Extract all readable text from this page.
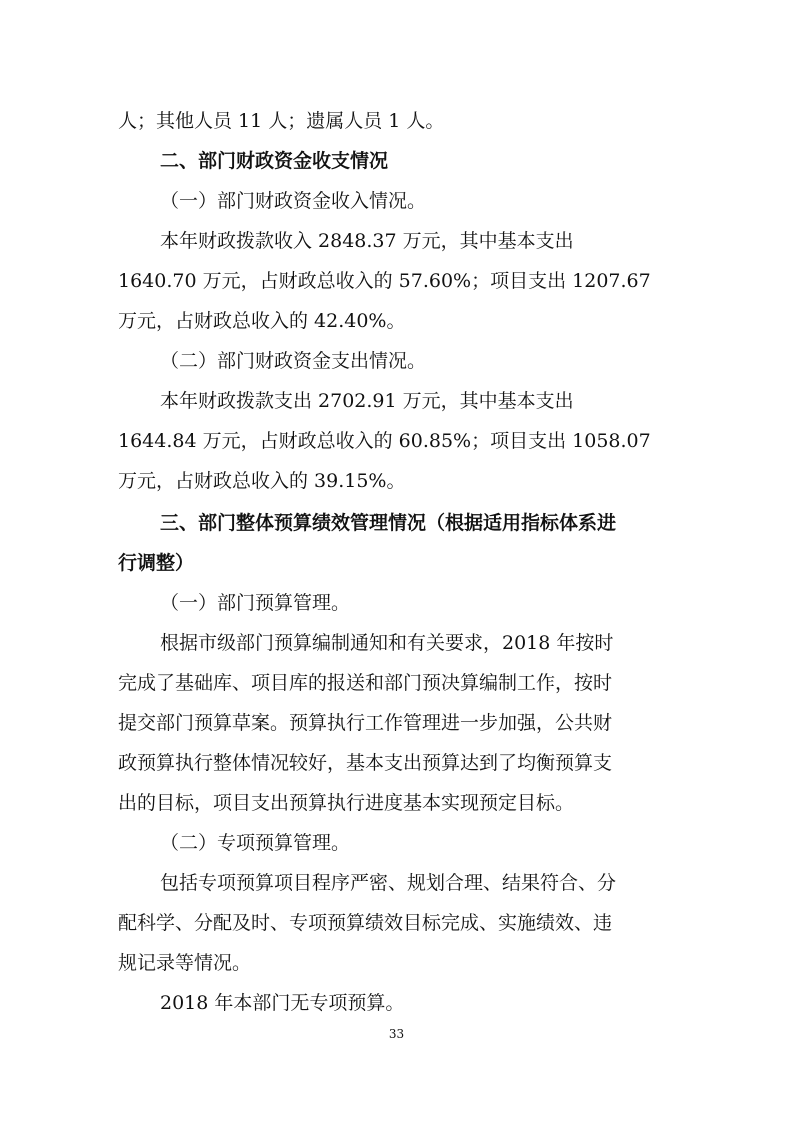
人；其他人员 11 人；遗属人员 1 人。
二、部门财政资金收支情况
（一）部门财政资金收入情况。
本年财政拨款收入 2848.37 万元，其中基本支出
1640.70 万元，占财政总收入的 57.60%；项目支出 1207.67
万元，占财政总收入的 42.40%。
（二）部门财政资金支出情况。
本年财政拨款支出 2702.91 万元，其中基本支出
1644.84 万元，占财政总收入的 60.85%；项目支出 1058.07
万元，占财政总收入的 39.15%。
三、部门整体预算绩效管理情况（根据适用指标体系进
行调整）
（一）部门预算管理。
根据市级部门预算编制通知和有关要求，2018 年按时
完成了基础库、项目库的报送和部门预决算编制工作，按时
提交部门预算草案。预算执行工作管理进一步加强，公共财
政预算执行整体情况较好，基本支出预算达到了均衡预算支
出的目标，项目支出预算执行进度基本实现预定目标。
（二）专项预算管理。
包括专项预算项目程序严密、规划合理、结果符合、分
配科学、分配及时、专项预算绩效目标完成、实施绩效、违
规记录等情况。
2018 年本部门无专项预算。
33
